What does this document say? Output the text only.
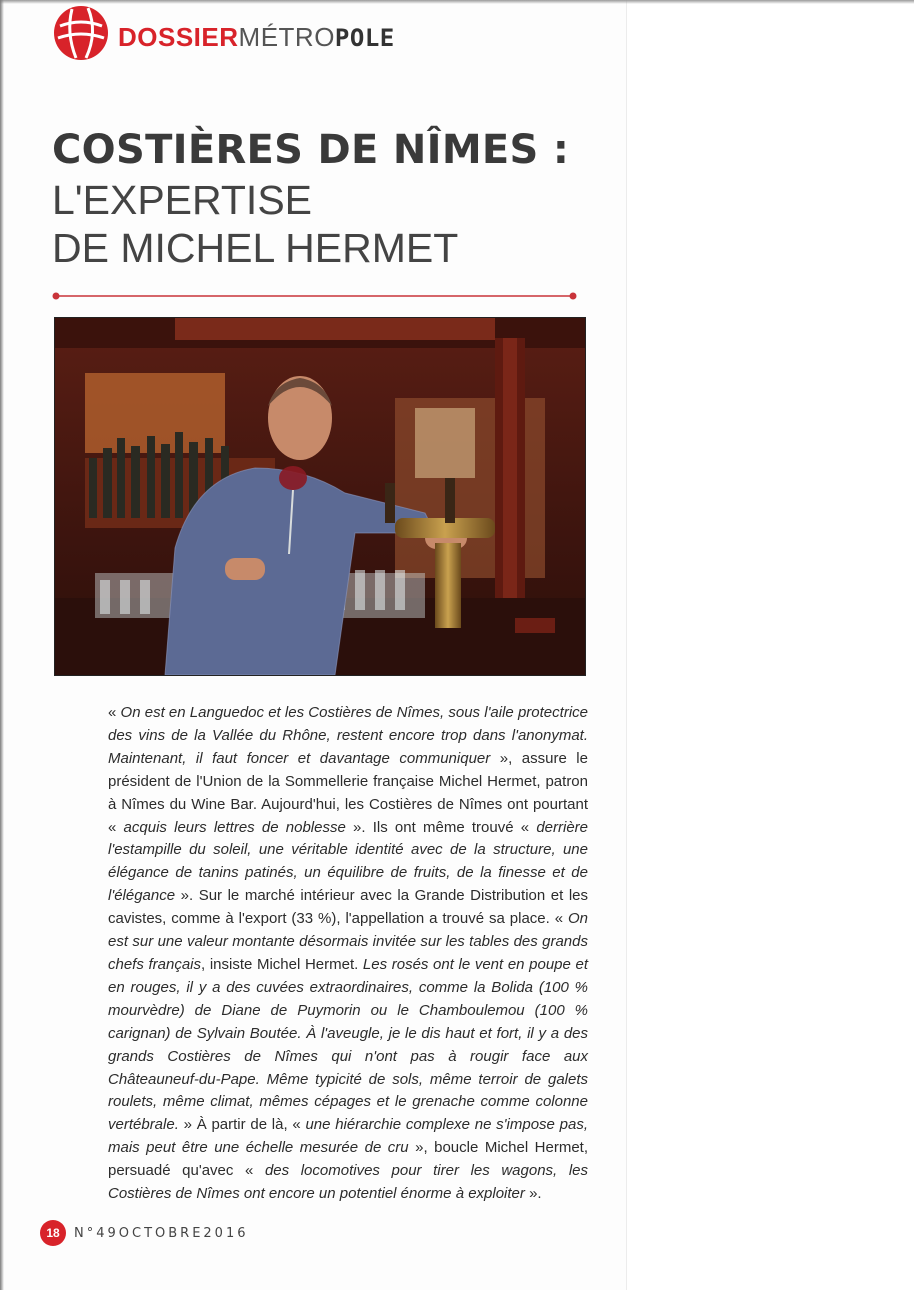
DOSSIERMÉTROPOLE
COSTIÈRES DE NÎMES :
L'EXPERTISE
DE MICHEL HERMET
« On est en Languedoc et les Costières de Nîmes, sous l'aile protectrice des vins de la Vallée du Rhône, restent encore trop dans l'anonymat. Maintenant, il faut foncer et davantage communiquer », assure le président de l'Union de la Sommellerie française Michel Hermet, patron à Nîmes du Wine Bar. Aujourd'hui, les Costières de Nîmes ont pourtant « acquis leurs lettres de noblesse ». Ils ont même trouvé « derrière l'estampille du soleil, une véritable identité avec de la structure, une élégance de tanins patinés, un équilibre de fruits, de la finesse et de l'élégance ». Sur le marché intérieur avec la Grande Distribution et les cavistes, comme à l'export (33 %), l'appellation a trouvé sa place. « On est sur une valeur montante désormais invitée sur les tables des grands chefs français, insiste Michel Hermet. Les rosés ont le vent en poupe et en rouges, il y a des cuvées extraordinaires, comme la Bolida (100 % mourvèdre) de Diane de Puymorin ou le Chamboulетou (100 % carignan) de Sylvain Boutée. À l'aveugle, je le dis haut et fort, il y a des grands Costières de Nîmes qui n'ont pas à rougir face aux Châteauneuf-du-Pape. Même typicité de sols, même terroir de galets roulets, même climat, mêmes cépages et le grenache comme colonne vertébrale. » À partir de là, « une hiérarchie complexe ne s'impose pas, mais peut être une échelle mesurée de cru », boucle Michel Hermet, persuadé qu'avec « des locomotives pour tirer les wagons, les Costières de Nîmes ont encore un potentiel énorme à exploiter ».
18	N°49OCTOBRE2016
